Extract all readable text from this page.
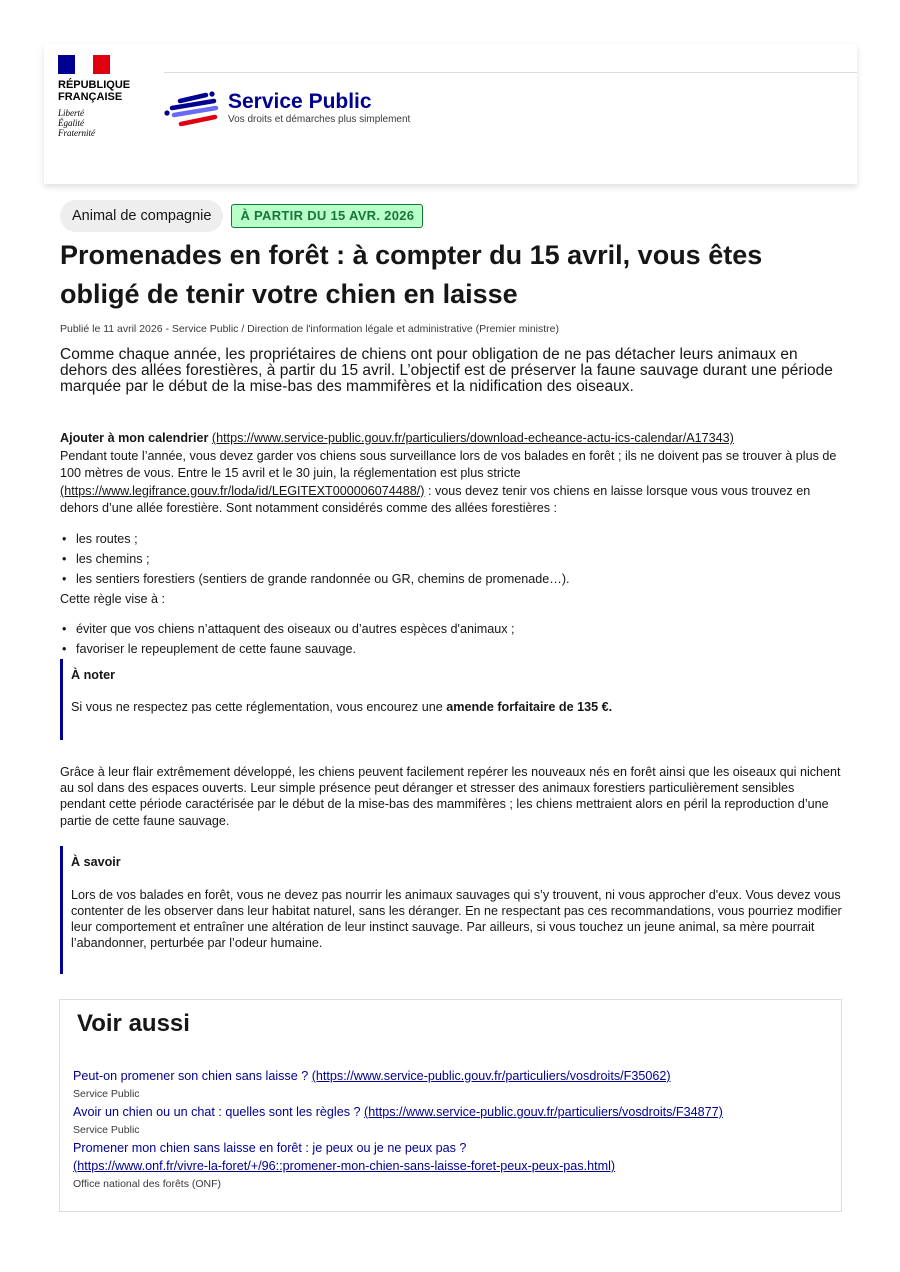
RÉPUBLIQUE
FRANÇAISE
Liberté
Égalité
Fraternité
Service Public
Vos droits et démarches plus simplement
Animal de compagnie	À PARTIR DU 15 AVR. 2026
Promenades en forêt : à compter du 15 avril, vous êtes obligé de tenir votre chien en laisse
Publié le 11 avril 2026 - Service Public / Direction de l'information légale et administrative (Premier ministre)

Comme chaque année, les propriétaires de chiens ont pour obligation de ne pas détacher leurs animaux en dehors des allées forestières, à partir du 15 avril. L’objectif est de préserver la faune sauvage durant une période marquée par le début de la mise-bas des mammifères et la nidification des oiseaux.

Ajouter à mon calendrier (https://www.service-public.gouv.fr/particuliers/download-echeance-actu-ics-calendar/A17343)

Pendant toute l’année, vous devez garder vos chiens sous surveillance lors de vos balades en forêt ; ils ne doivent pas se trouver à plus de 100 mètres de vous. Entre le 15 avril et le 30 juin, la réglementation est plus stricte (https://www.legifrance.gouv.fr/loda/id/LEGITEXT000006074488/) : vous devez tenir vos chiens en laisse lorsque vous vous trouvez en dehors d’une allée forestière. Sont notamment considérés comme des allées forestières :

• les routes ;
• les chemins ;
• les sentiers forestiers (sentiers de grande randonnée ou GR, chemins de promenade…).

Cette règle vise à :

• éviter que vos chiens n’attaquent des oiseaux ou d’autres espèces d'animaux ;
• favoriser le repeuplement de cette faune sauvage.
À noter
Si vous ne respectez pas cette réglementation, vous encourez une amende forfaitaire de 135 €.

Grâce à leur flair extrêmement développé, les chiens peuvent facilement repérer les nouveaux nés en forêt ainsi que les oiseaux qui nichent au sol dans des espaces ouverts. Leur simple présence peut déranger et stresser des animaux forestiers particulièrement sensibles pendant cette période caractérisée par le début de la mise-bas des mammifères ; les chiens mettraient alors en péril la reproduction d’une partie de cette faune sauvage.

À savoir
Lors de vos balades en forêt, vous ne devez pas nourrir les animaux sauvages qui s’y trouvent, ni vous approcher d'eux. Vous devez vous contenter de les observer dans leur habitat naturel, sans les déranger. En ne respectant pas ces recommandations, vous pourriez modifier leur comportement et entraîner une altération de leur instinct sauvage. Par ailleurs, si vous touchez un jeune animal, sa mère pourrait l’abandonner, perturbée par l’odeur humaine.
Voir aussi
Peut-on promener son chien sans laisse ? (https://www.service-public.gouv.fr/particuliers/vosdroits/F35062)
Service Public
Avoir un chien ou un chat : quelles sont les règles ? (https://www.service-public.gouv.fr/particuliers/vosdroits/F34877)
Service Public
Promener mon chien sans laisse en forêt : je peux ou je ne peux pas ?
(https://www.onf.fr/vivre-la-foret/+/96::promener-mon-chien-sans-laisse-foret-peux-peux-pas.html)
Office national des forêts (ONF)
